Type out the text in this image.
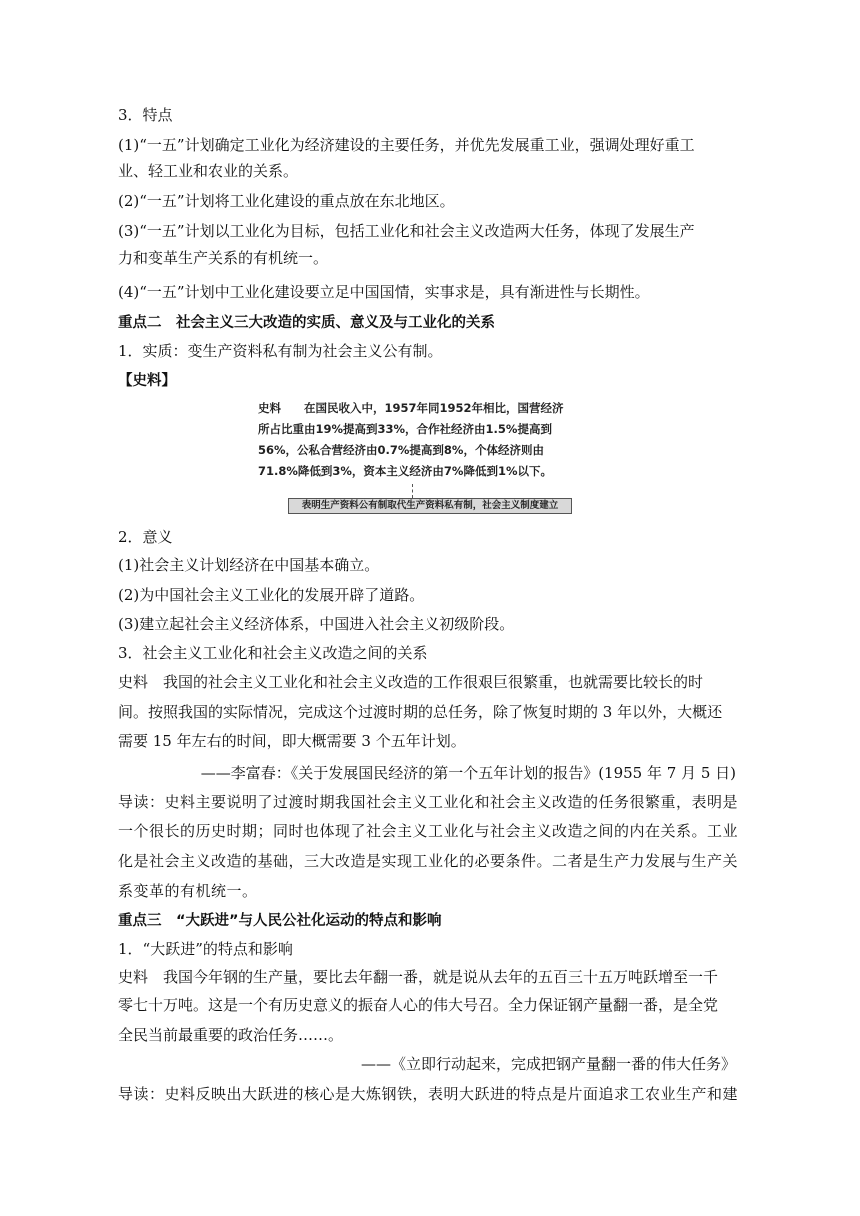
3．特点
(1)“一五”计划确定工业化为经济建设的主要任务，并优先发展重工业，强调处理好重工
业、轻工业和农业的关系。
(2)“一五”计划将工业化建设的重点放在东北地区。
(3)“一五”计划以工业化为目标，包括工业化和社会主义改造两大任务，体现了发展生产
力和变革生产关系的有机统一。
(4)“一五”计划中工业化建设要立足中国国情，实事求是，具有渐进性与长期性。
重点二　社会主义三大改造的实质、意义及与工业化的关系
1．实质：变生产资料私有制为社会主义公有制。
【史料】
史料　　在国民收入中，1957年同1952年相比，国营经济
所占比重由19%提高到33%，合作社经济由1.5%提高到
56%，公私合营经济由0.7%提高到8%，个体经济则由
71.8%降低到3%，资本主义经济由7%降低到1%以下。
表明生产资料公有制取代生产资料私有制，社会主义制度建立
2．意义
(1)社会主义计划经济在中国基本确立。
(2)为中国社会主义工业化的发展开辟了道路。
(3)建立起社会主义经济体系，中国进入社会主义初级阶段。
3．社会主义工业化和社会主义改造之间的关系
史料　我国的社会主义工业化和社会主义改造的工作很艰巨很繁重，也就需要比较长的时
间。按照我国的实际情况，完成这个过渡时期的总任务，除了恢复时期的 3 年以外，大概还
需要 15 年左右的时间，即大概需要 3 个五年计划。
——李富春：《关于发展国民经济的第一个五年计划的报告》(1955 年 7 月 5 日)
导读：史料主要说明了过渡时期我国社会主义工业化和社会主义改造的任务很繁重，表明是
一个很长的历史时期；同时也体现了社会主义工业化与社会主义改造之间的内在关系。工业
化是社会主义改造的基础，三大改造是实现工业化的必要条件。二者是生产力发展与生产关
系变革的有机统一。
重点三　“大跃进”与人民公社化运动的特点和影响
1．“大跃进”的特点和影响
史料　我国今年钢的生产量，要比去年翻一番，就是说从去年的五百三十五万吨跃增至一千
零七十万吨。这是一个有历史意义的振奋人心的伟大号召。全力保证钢产量翻一番，是全党
全民当前最重要的政治任务……。
——《立即行动起来，完成把钢产量翻一番的伟大任务》
导读：史料反映出大跃进的核心是大炼钢铁，表明大跃进的特点是片面追求工农业生产和建
